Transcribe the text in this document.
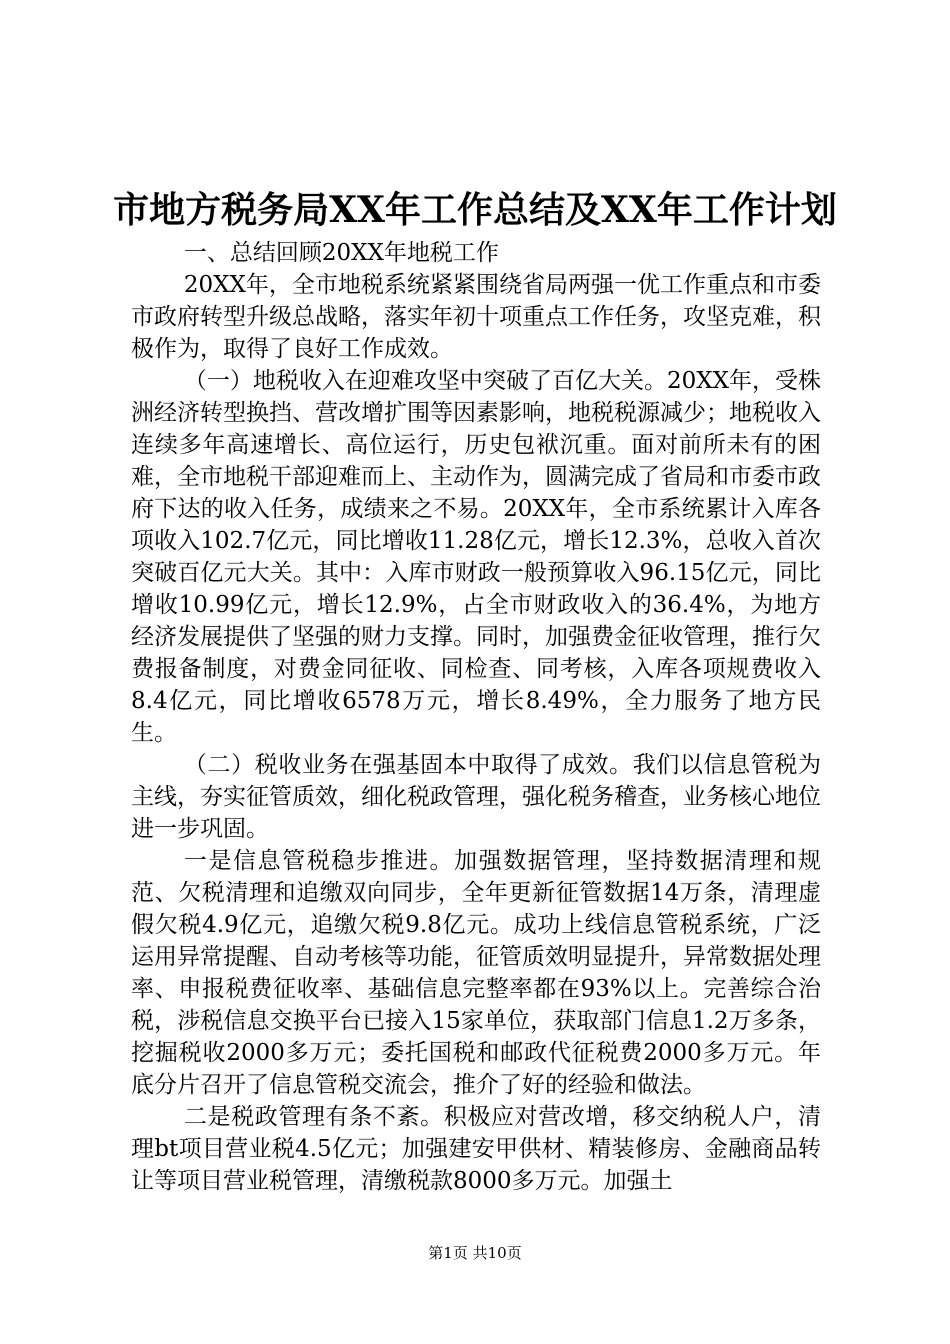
市地方税务局XX年工作总结及XX年工作计划

一、总结回顾20XX年地税工作

20XX年，全市地税系统紧紧围绕省局两强一优工作重点和市委市政府转型升级总战略，落实年初十项重点工作任务，攻坚克难，积极作为，取得了良好工作成效。

（一）地税收入在迎难攻坚中突破了百亿大关。20XX年，受株洲经济转型换挡、营改增扩围等因素影响，地税税源减少；地税收入连续多年高速增长、高位运行，历史包袱沉重。面对前所未有的困难，全市地税干部迎难而上、主动作为，圆满完成了省局和市委市政府下达的收入任务，成绩来之不易。20XX年，全市系统累计入库各项收入102.7亿元，同比增收11.28亿元，增长12.3%，总收入首次突破百亿元大关。其中：入库市财政一般预算收入96.15亿元，同比增收10.99亿元，增长12.9%，占全市财政收入的36.4%，为地方经济发展提供了坚强的财力支撑。同时，加强费金征收管理，推行欠费报备制度，对费金同征收、同检查、同考核，入库各项规费收入8.4亿元，同比增收6578万元，增长8.49%，全力服务了地方民生。

（二）税收业务在强基固本中取得了成效。我们以信息管税为主线，夯实征管质效，细化税政管理，强化税务稽查，业务核心地位进一步巩固。

一是信息管税稳步推进。加强数据管理，坚持数据清理和规范、欠税清理和追缴双向同步，全年更新征管数据14万条，清理虚假欠税4.9亿元，追缴欠税9.8亿元。成功上线信息管税系统，广泛运用异常提醒、自动考核等功能，征管质效明显提升，异常数据处理率、申报税费征收率、基础信息完整率都在93%以上。完善综合治税，涉税信息交换平台已接入15家单位，获取部门信息1.2万多条，挖掘税收2000多万元；委托国税和邮政代征税费2000多万元。年底分片召开了信息管税交流会，推介了好的经验和做法。

二是税政管理有条不紊。积极应对营改增，移交纳税人户，清理bt项目营业税4.5亿元；加强建安甲供材、精装修房、金融商品转让等项目营业税管理，清缴税款8000多万元。加强土

第1页 共10页
